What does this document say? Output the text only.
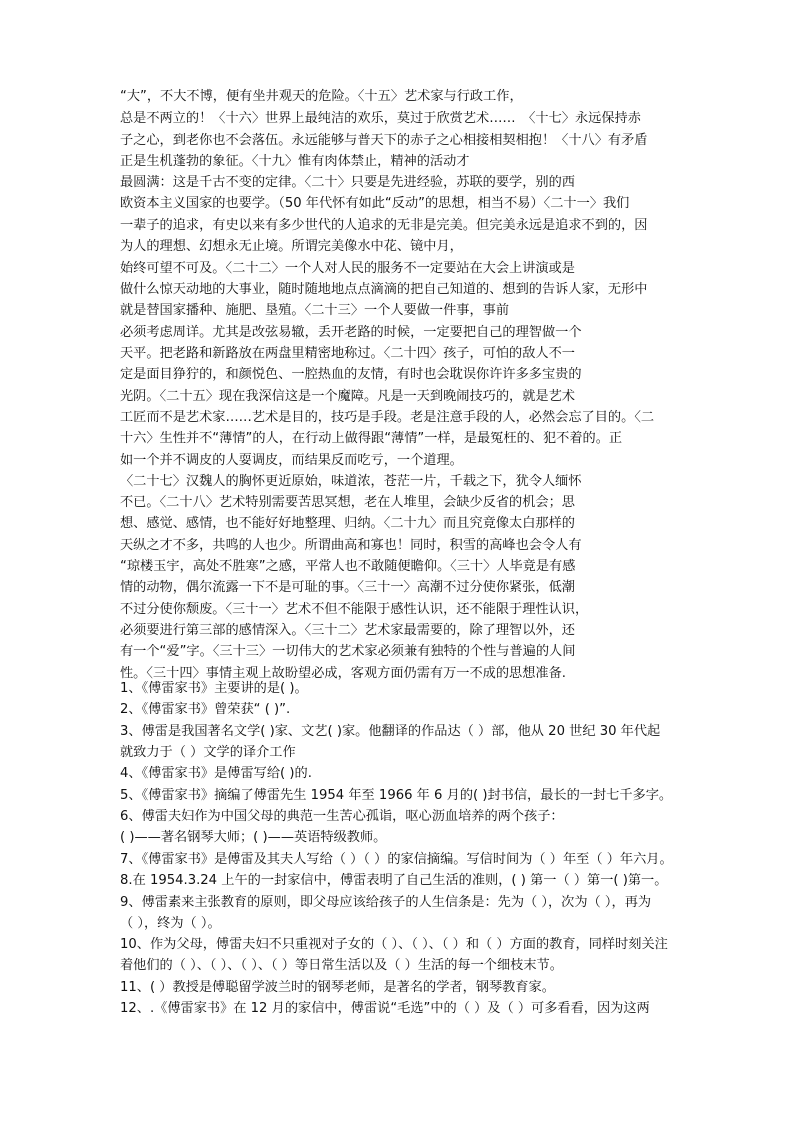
“大”，不大不博，便有坐井观天的危险。〈十五〉艺术家与行政工作，
总是不两立的！〈十六〉世界上最纯洁的欢乐，莫过于欣赏艺术……　〈十七〉永远保持赤
子之心，到老你也不会落伍。永远能够与普天下的赤子之心相接相契相抱！〈十八〉有矛盾
正是生机蓬勃的象征。〈十九〉惟有肉体禁止，精神的活动才
最圆满：这是千古不变的定律。〈二十〉只要是先进经验，苏联的要学，别的西
欧资本主义国家的也要学。（50 年代怀有如此“反动”的思想，相当不易）〈二十一〉我们
一辈子的追求，有史以来有多少世代的人追求的无非是完美。但完美永远是追求不到的，因
为人的理想、幻想永无止境。所谓完美像水中花、镜中月，
始终可望不可及。〈二十二〉一个人对人民的服务不一定要站在大会上讲演或是
做什么惊天动地的大事业，随时随地地点点滴滴的把自己知道的、想到的告诉人家，无形中
就是替国家播种、施肥、垦殖。〈二十三〉一个人要做一件事，事前
必须考虑周详。尤其是改弦易辙，丢开老路的时候，一定要把自己的理智做一个
天平。把老路和新路放在两盘里精密地称过。〈二十四〉孩子，可怕的敌人不一
定是面目狰狞的，和颜悦色、一腔热血的友情，有时也会耽误你许许多多宝贵的
光阴。〈二十五〉现在我深信这是一个魔障。凡是一天到晚闹技巧的，就是艺术
工匠而不是艺术家……艺术是目的，技巧是手段。老是注意手段的人，必然会忘了目的。〈二
十六〉生性并不“薄情”的人，在行动上做得跟“薄情”一样，是最冤枉的、犯不着的。正
如一个并不调皮的人耍调皮，而结果反而吃亏，一个道理。
〈二十七〉汉魏人的胸怀更近原始，味道浓，苍茫一片，千载之下，犹令人缅怀
不已。〈二十八〉艺术特别需要苦思冥想，老在人堆里，会缺少反省的机会；思
想、感觉、感情，也不能好好地整理、归纳。〈二十九〉而且究竟像太白那样的
天纵之才不多，共鸣的人也少。所谓曲高和寡也！同时，积雪的高峰也会令人有
“琼楼玉宇，高处不胜寒”之感，平常人也不敢随便瞻仰。〈三十〉人毕竟是有感
情的动物，偶尔流露一下不是可耻的事。〈三十一〉高潮不过分使你紧张，低潮
不过分使你颓废。〈三十一〉艺术不但不能限于感性认识，还不能限于理性认识，
必须要进行第三部的感情深入。〈三十二〉艺术家最需要的，除了理智以外，还
有一个“爱”字。〈三十三〉一切伟大的艺术家必须兼有独特的个性与普遍的人间
性。〈三十四〉事情主观上故盼望必成，客观方面仍需有万一不成的思想准备.
1、《傅雷家书》主要讲的是( )。
2、《傅雷家书》曾荣获“ ( )”.
3、傅雷是我国著名文学( )家、文艺( )家。他翻译的作品达（ ）部，他从 20 世纪 30 年代起
就致力于（ ）文学的译介工作
4、《傅雷家书》是傅雷写给( )的.
5、《傅雷家书》摘编了傅雷先生 1954 年至 1966 年 6 月的( )封书信，最长的一封七千多字。
6、傅雷夫妇作为中国父母的典范一生苦心孤诣，呕心沥血培养的两个孩子：
( )——著名钢琴大师；( )——英语特级教师。
7、《傅雷家书》是傅雷及其夫人写给（ ）（ ）的家信摘编。写信时间为（ ）年至（ ）年六月。
8.在 1954.3.24 上午的一封家信中，傅雷表明了自己生活的准则，( ) 第一（ ）第一( )第一。
9、傅雷素来主张教育的原则，即父母应该给孩子的人生信条是：先为（ ），次为（ ），再为
（ ），终为（ ）。
10、作为父母，傅雷夫妇不只重视对子女的（ ）、（ ）、（ ）和（ ）方面的教育，同样时刻关注
着他们的（ ）、（ ）、（ ）、（ ）等日常生活以及（ ）生活的每一个细枝末节。
11、( ）教授是傅聪留学波兰时的钢琴老师，是著名的学者，钢琴教育家。
12、.《傅雷家书》在 12 月的家信中，傅雷说“毛选”中的（ ）及（ ）可多看看，因为这两
